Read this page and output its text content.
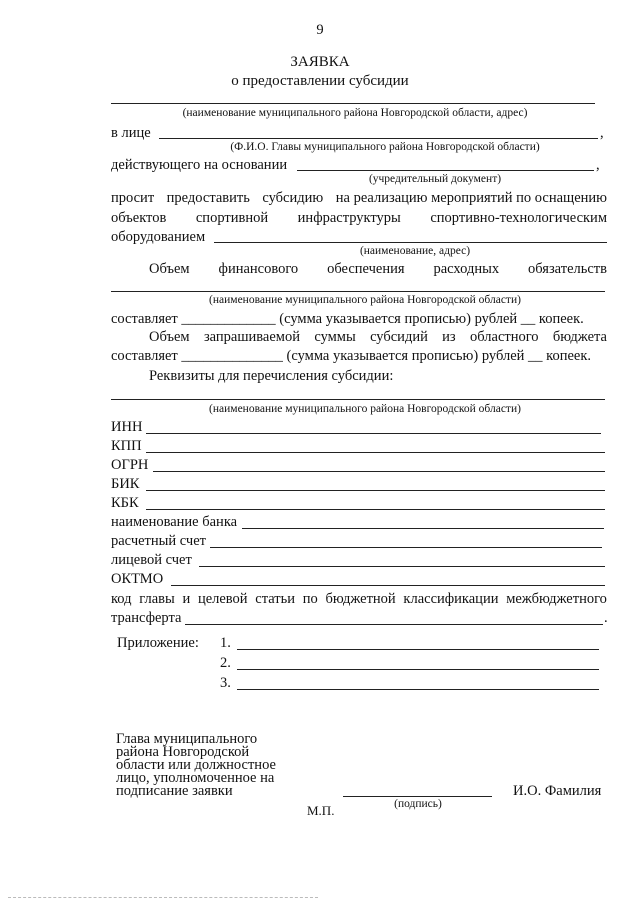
9
ЗАЯВКА
о предоставлении субсидии
(наименование муниципального района Новгородской области, адрес)
в лице	,
(Ф.И.О. Главы муниципального района Новгородской области)
действующего на основании	,
(учредительный документ)
просит предоставить субсидию на реализацию мероприятий по оснащению
объектов спортивной инфраструктуры спортивно-технологическим
оборудованием
(наименование, адрес)
Объем финансового обеспечения расходных обязательств
(наименование муниципального района Новгородской области)
составляет _____________ (сумма указывается прописью) рублей __ копеек.
Объем запрашиваемой суммы субсидий из областного бюджета
составляет ______________ (сумма указывается прописью) рублей __ копеек.
Реквизиты для перечисления субсидии:
(наименование муниципального района Новгородской области)
ИНН
КПП
ОГРН
БИК
КБК
наименование банка
расчетный счет
лицевой счет
ОКТМО
код главы и целевой статьи по бюджетной классификации межбюджетного
трансферта	.
Приложение: 1.
2.
3.
Глава муниципального
района Новгородской
области или должностное
лицо, уполномоченное на
подписание заявки	И.О. Фамилия
(подпись)
М.П.
